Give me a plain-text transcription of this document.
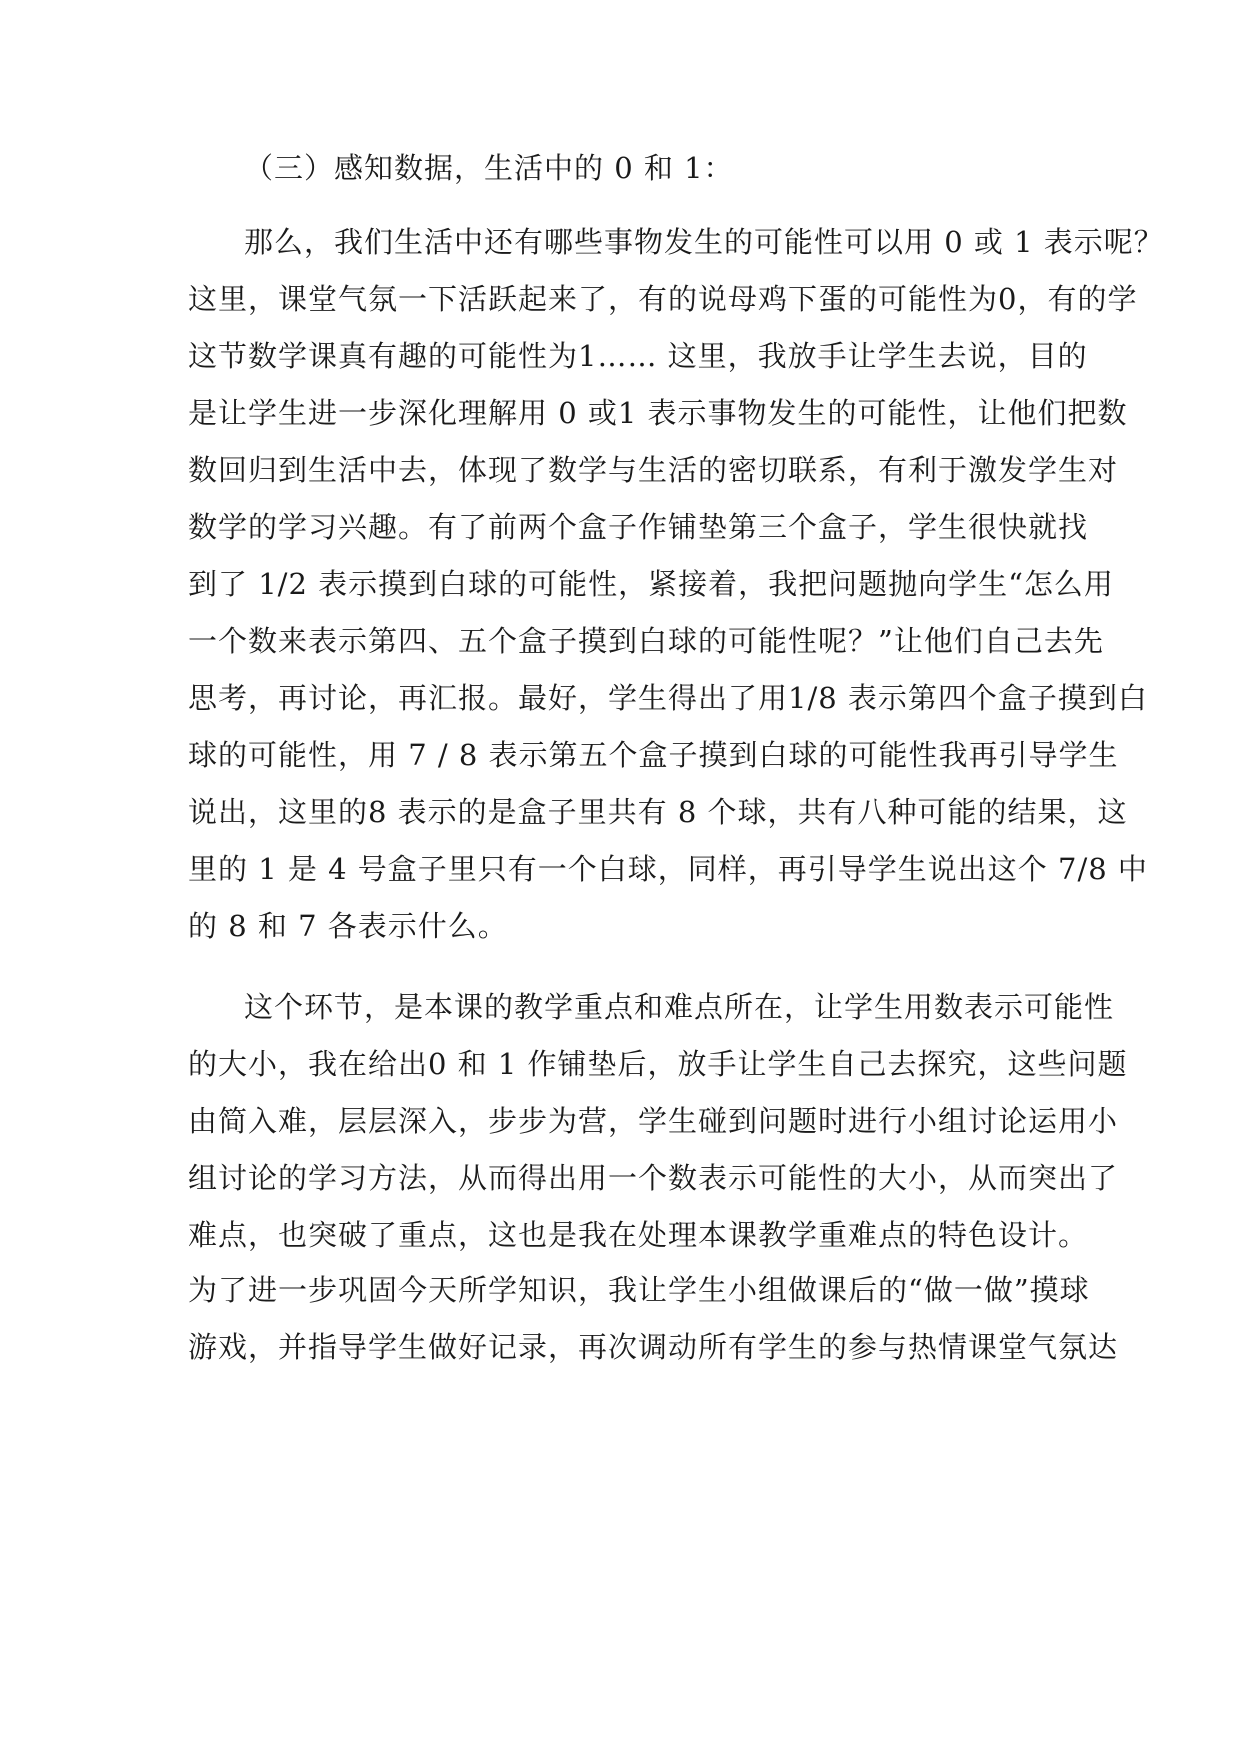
（三）感知数据，生活中的 0 和 1：
那么，我们生活中还有哪些事物发生的可能性可以用 0 或 1 表示呢？
这里，课堂气氛一下活跃起来了，有的说母鸡下蛋的可能性为0，有的学
这节数学课真有趣的可能性为1…… 这里，我放手让学生去说，目的
是让学生进一步深化理解用 0 或1 表示事物发生的可能性，让他们把数
数回归到生活中去，体现了数学与生活的密切联系，有利于激发学生对
数学的学习兴趣。有了前两个盒子作铺垫第三个盒子，学生很快就找
到了 1/2 表示摸到白球的可能性，紧接着，我把问题抛向学生“怎么用
一个数来表示第四、五个盒子摸到白球的可能性呢？”让他们自己去先
思考，再讨论，再汇报。最好，学生得出了用1/8 表示第四个盒子摸到白
球的可能性，用 7 / 8 表示第五个盒子摸到白球的可能性我再引导学生
说出，这里的8 表示的是盒子里共有 8 个球，共有八种可能的结果，这
里的 1 是 4 号盒子里只有一个白球，同样，再引导学生说出这个 7/8 中
的 8 和 7 各表示什么。
这个环节，是本课的教学重点和难点所在，让学生用数表示可能性
的大小，我在给出0 和 1 作铺垫后，放手让学生自己去探究，这些问题
由简入难，层层深入，步步为营，学生碰到问题时进行小组讨论运用小
组讨论的学习方法，从而得出用一个数表示可能性的大小，从而突出了
难点，也突破了重点，这也是我在处理本课教学重难点的特色设计。
为了进一步巩固今天所学知识，我让学生小组做课后的“做一做”摸球
游戏，并指导学生做好记录，再次调动所有学生的参与热情课堂气氛达
